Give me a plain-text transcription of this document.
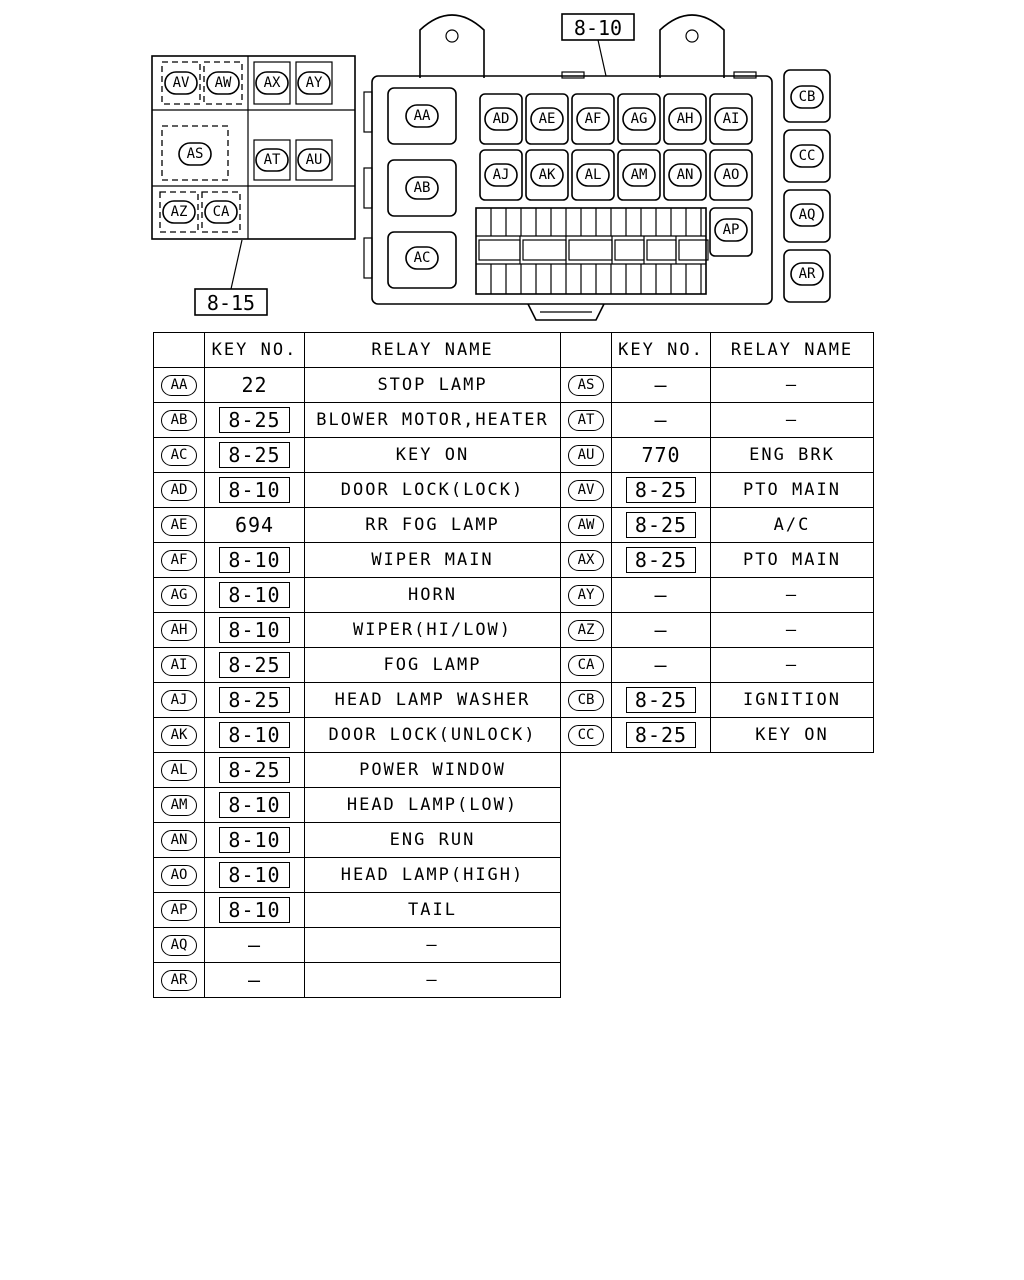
8-10
8-15
AV AW AX AY
AS	AT AU
AZ CA
AA
AB
AC
AD AE AF AG AH AI
AJ AK AL AM AN AO
AP
CB
CC
AQ
AR
	KEY NO.	RELAY NAME
AA	22	STOP LAMP
AB	8-25	BLOWER MOTOR,HEATER
AC	8-25	KEY ON
AD	8-10	DOOR LOCK(LOCK)
AE	694	RR FOG LAMP
AF	8-10	WIPER MAIN
AG	8-10	HORN
AH	8-10	WIPER(HI/LOW)
AI	8-25	FOG LAMP
AJ	8-25	HEAD LAMP WASHER
AK	8-10	DOOR LOCK(UNLOCK)
AL	8-25	POWER WINDOW
AM	8-10	HEAD LAMP(LOW)
AN	8-10	ENG RUN
AO	8-10	HEAD LAMP(HIGH)
AP	8-10	TAIL
AQ	—	—
AR	—	—
	KEY NO.	RELAY NAME
AS	—	—
AT	—	—
AU	770	ENG BRK
AV	8-25	PTO MAIN
AW	8-25	A/C
AX	8-25	PTO MAIN
AY	—	—
AZ	—	—
CA	—	—
CB	8-25	IGNITION
CC	8-25	KEY ON
